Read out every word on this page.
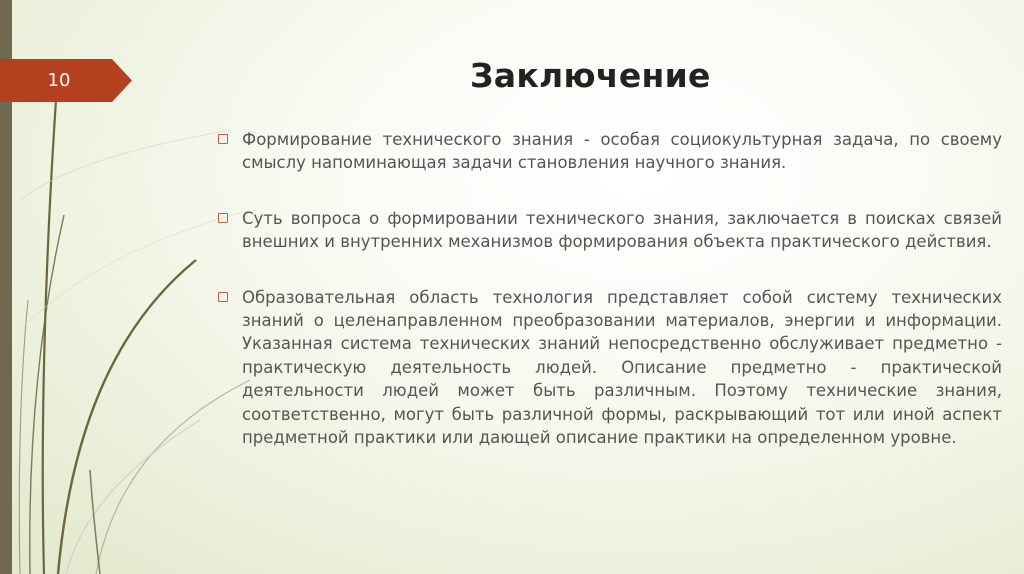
10	Заключение

Формирование технического знания - особая социокультурная задача, по своему смыслу напоминающая задачи становления научного знания.

Суть вопроса о формировании технического знания, заключается в поисках связей внешних и внутренних механизмов формирования объекта практического действия.

Образовательная область технология представляет собой систему технических знаний о целенаправленном преобразовании материалов, энергии и информации. Указанная система технических знаний непосредственно обслуживает предметно - практическую деятельность людей. Описание предметно - практической деятельности людей может быть различным. Поэтому технические знания, соответственно, могут быть различной формы, раскрывающий тот или иной аспект предметной практики или дающей описание практики на определенном уровне.
